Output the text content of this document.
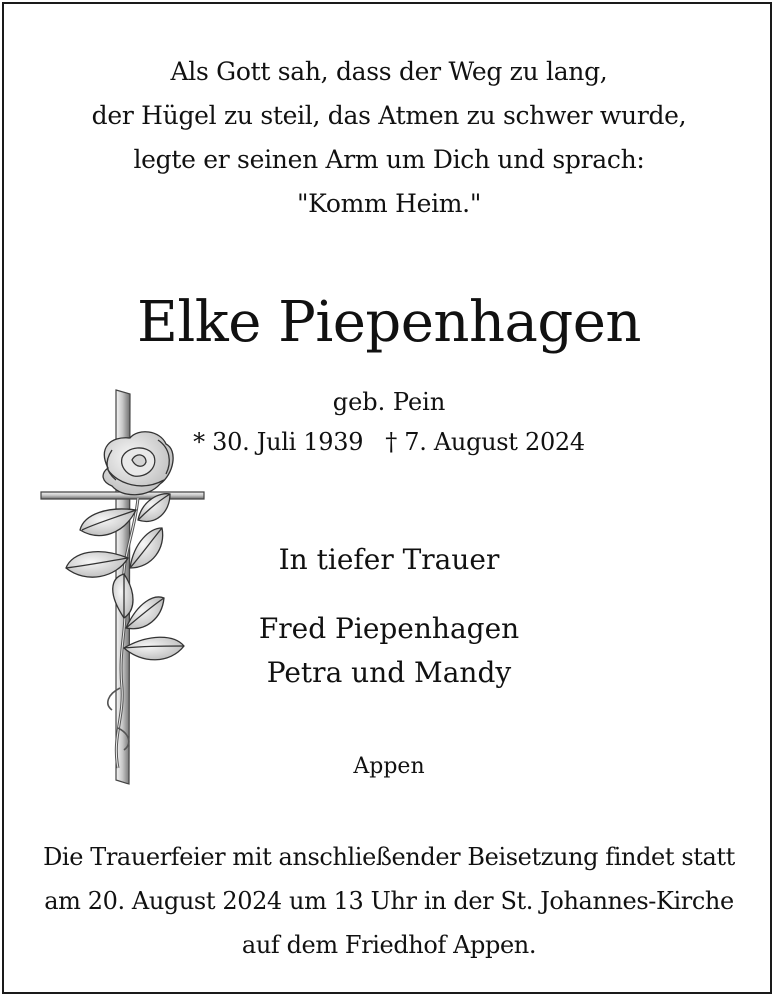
Als Gott sah, dass der Weg zu lang,
der Hügel zu steil, das Atmen zu schwer wurde,
legte er seinen Arm um Dich und sprach:
"Komm Heim."
Elke Piepenhagen
geb. Pein
* 30. Juli 1939 † 7. August 2024
In tiefer Trauer
Fred Piepenhagen
Petra und Mandy
Appen
Die Trauerfeier mit anschließender Beisetzung findet statt
am 20. August 2024 um 13 Uhr in der St. Johannes-Kirche
auf dem Friedhof Appen.
